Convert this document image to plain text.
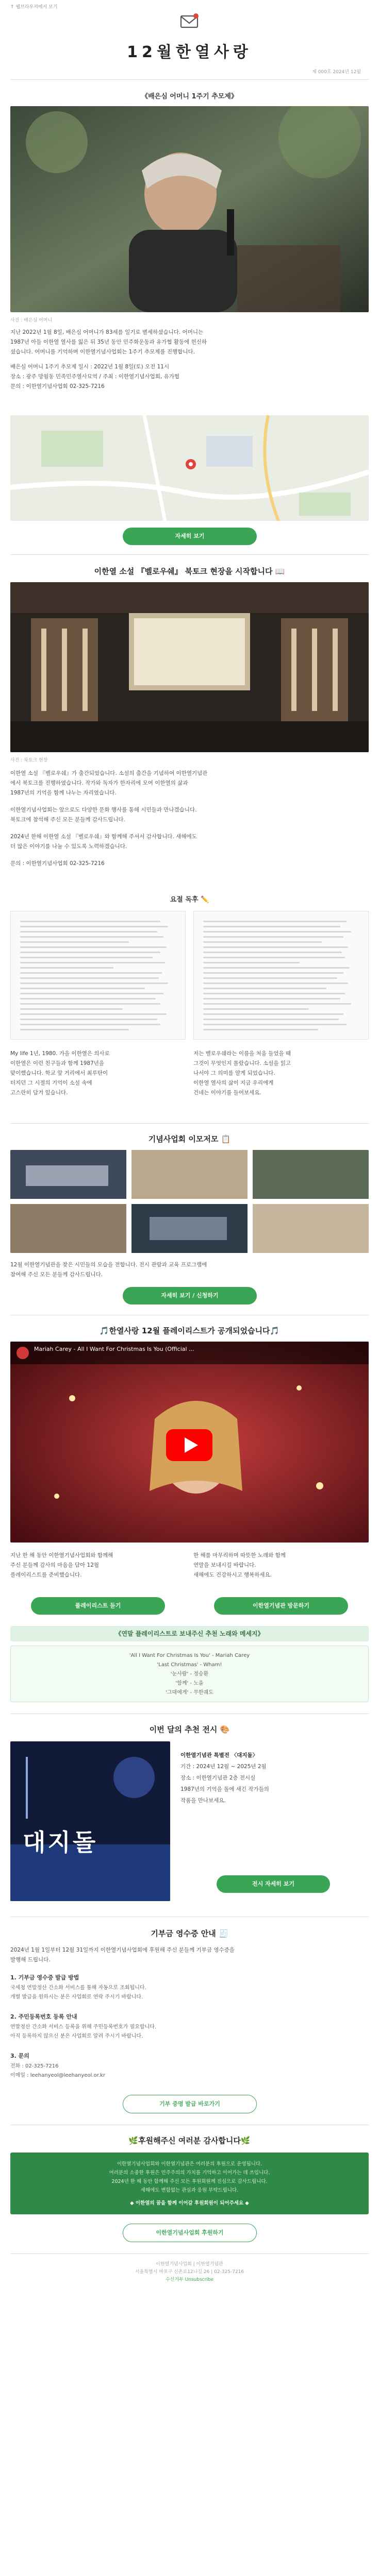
↑ 웹브라우저에서 보기
12월한열사랑
제 000호 2024년 12월
《배은심 어머니 1주기 추모제》
사진 : 배은심 어머니
지난 2022년 1월 8일, 배은심 어머니가 83세를 일기로 별세하셨습니다. 어머니는
1987년 아들 이한열 열사를 잃은 뒤 35년 동안 민주화운동과 유가협 활동에 헌신하
셨습니다. 어머니를 기억하며 이한열기념사업회는 1주기 추모제를 진행합니다.
배은심 어머니 1주기 추모제 일시 : 2022년 1월 8일(토) 오전 11시
장소 : 광주 망월동 민족민주열사묘역 / 주최 : 이한열기념사업회, 유가협
문의 : 이한열기념사업회 02-325-7216
자세히 보기
이한열 소설 『벨로우쉐』 북토크 현장을 시작합니다 📖
사진 : 북토크 현장
이한열 소설 『벨로우쉐』가 출간되었습니다. 소설의 출간을 기념하여 이한열기념관
에서 북토크를 진행하였습니다. 작가와 독자가 한자리에 모여 이한열의 삶과
1987년의 기억을 함께 나누는 자리였습니다.
이한열기념사업회는 앞으로도 다양한 문화 행사를 통해 시민들과 만나겠습니다.
북토크에 참석해 주신 모든 분들께 감사드립니다.
2024년 한해 이한열 소설 『벨로우쉐』와 함께해 주셔서 감사합니다. 새해에도
더 많은 이야기를 나눌 수 있도록 노력하겠습니다.
문의 : 이한열기념사업회 02-325-7216
요절 독후 ✏️
My life 1년, 1980. 가을 이한열은 의사로
이한열은 이런 친구들과 함께 1987년을
맞이했습니다. 학교 앞 거리에서 최루탄이
터지던 그 시절의 기억이 소설 속에
고스란히 담겨 있습니다.
저는 벨로우쉐라는 이름을 처음 들었을 때
그것이 무엇인지 몰랐습니다. 소설을 읽고
나서야 그 의미를 알게 되었습니다.
이한열 열사의 삶이 지금 우리에게
건네는 이야기를 들어보세요.
기념사업회 이모저모 📋
12월 이한열기념관을 찾은 시민들의 모습을 전합니다. 전시 관람과 교육 프로그램에
참여해 주신 모든 분들께 감사드립니다.
자세히 보기 / 신청하기
🎵한열사랑 12월 플레이리스트가 공개되었습니다🎵
Mariah Carey - All I Want For Christmas Is You (Official ...
지난 한 해 동안 이한열기념사업회와 함께해
주신 분들께 감사의 마음을 담아 12월
플레이리스트를 준비했습니다.
한 해를 마무리하며 따뜻한 노래와 함께
연말을 보내시길 바랍니다.
새해에도 건강하시고 행복하세요.
플레이리스트 듣기	이한열기념관 방문하기
《연말 플레이리스트로 보내주신 추천 노래와 메세지》
'All I Want For Christmas Is You' - Mariah Carey
'Last Christmas' - Wham!
'눈사람' - 정승환
'함께' - 노을
'그대에게' - 무한궤도
이번 달의 추천 전시 🎨
대지돌
이한열기념관 특별전 〈대지돌〉
기간 : 2024년 12월 ~ 2025년 2월
장소 : 이한열기념관 2층 전시실
1987년의 기억을 돌에 새긴 작가들의
작품을 만나보세요.
전시 자세히 보기
기부금 영수증 안내 🧾
2024년 1월 1일부터 12월 31일까지 이한열기념사업회에 후원해 주신 분들께 기부금 영수증을
발행해 드립니다.
1. 기부금 영수증 발급 방법
국세청 연말정산 간소화 서비스를 통해 자동으로 조회됩니다.
개별 발급을 원하시는 분은 사업회로 연락 주시기 바랍니다.
2. 주민등록번호 등록 안내
연말정산 간소화 서비스 등록을 위해 주민등록번호가 필요합니다.
아직 등록하지 않으신 분은 사업회로 알려 주시기 바랍니다.
3. 문의
전화 : 02-325-7216
이메일 : leehanyeol@leehanyeol.or.kr
기부 증명 발급 바로가기
🌿후원해주신 여러분 감사합니다🌿
이한열기념사업회와 이한열기념관은 여러분의 후원으로 운영됩니다.
여러분의 소중한 후원은 민주주의의 가치를 기억하고 이어가는 데 쓰입니다.
2024년 한 해 동안 함께해 주신 모든 후원회원께 진심으로 감사드립니다.
새해에도 변함없는 관심과 응원 부탁드립니다.
◆ 이한열의 꿈을 함께 이어갈 후원회원이 되어주세요 ◆
이한열기념사업회 후원하기
이한열기념사업회 | 이한열기념관
서울특별시 마포구 신촌로12나길 26 | 02-325-7216
수신거부 Unsubscribe
